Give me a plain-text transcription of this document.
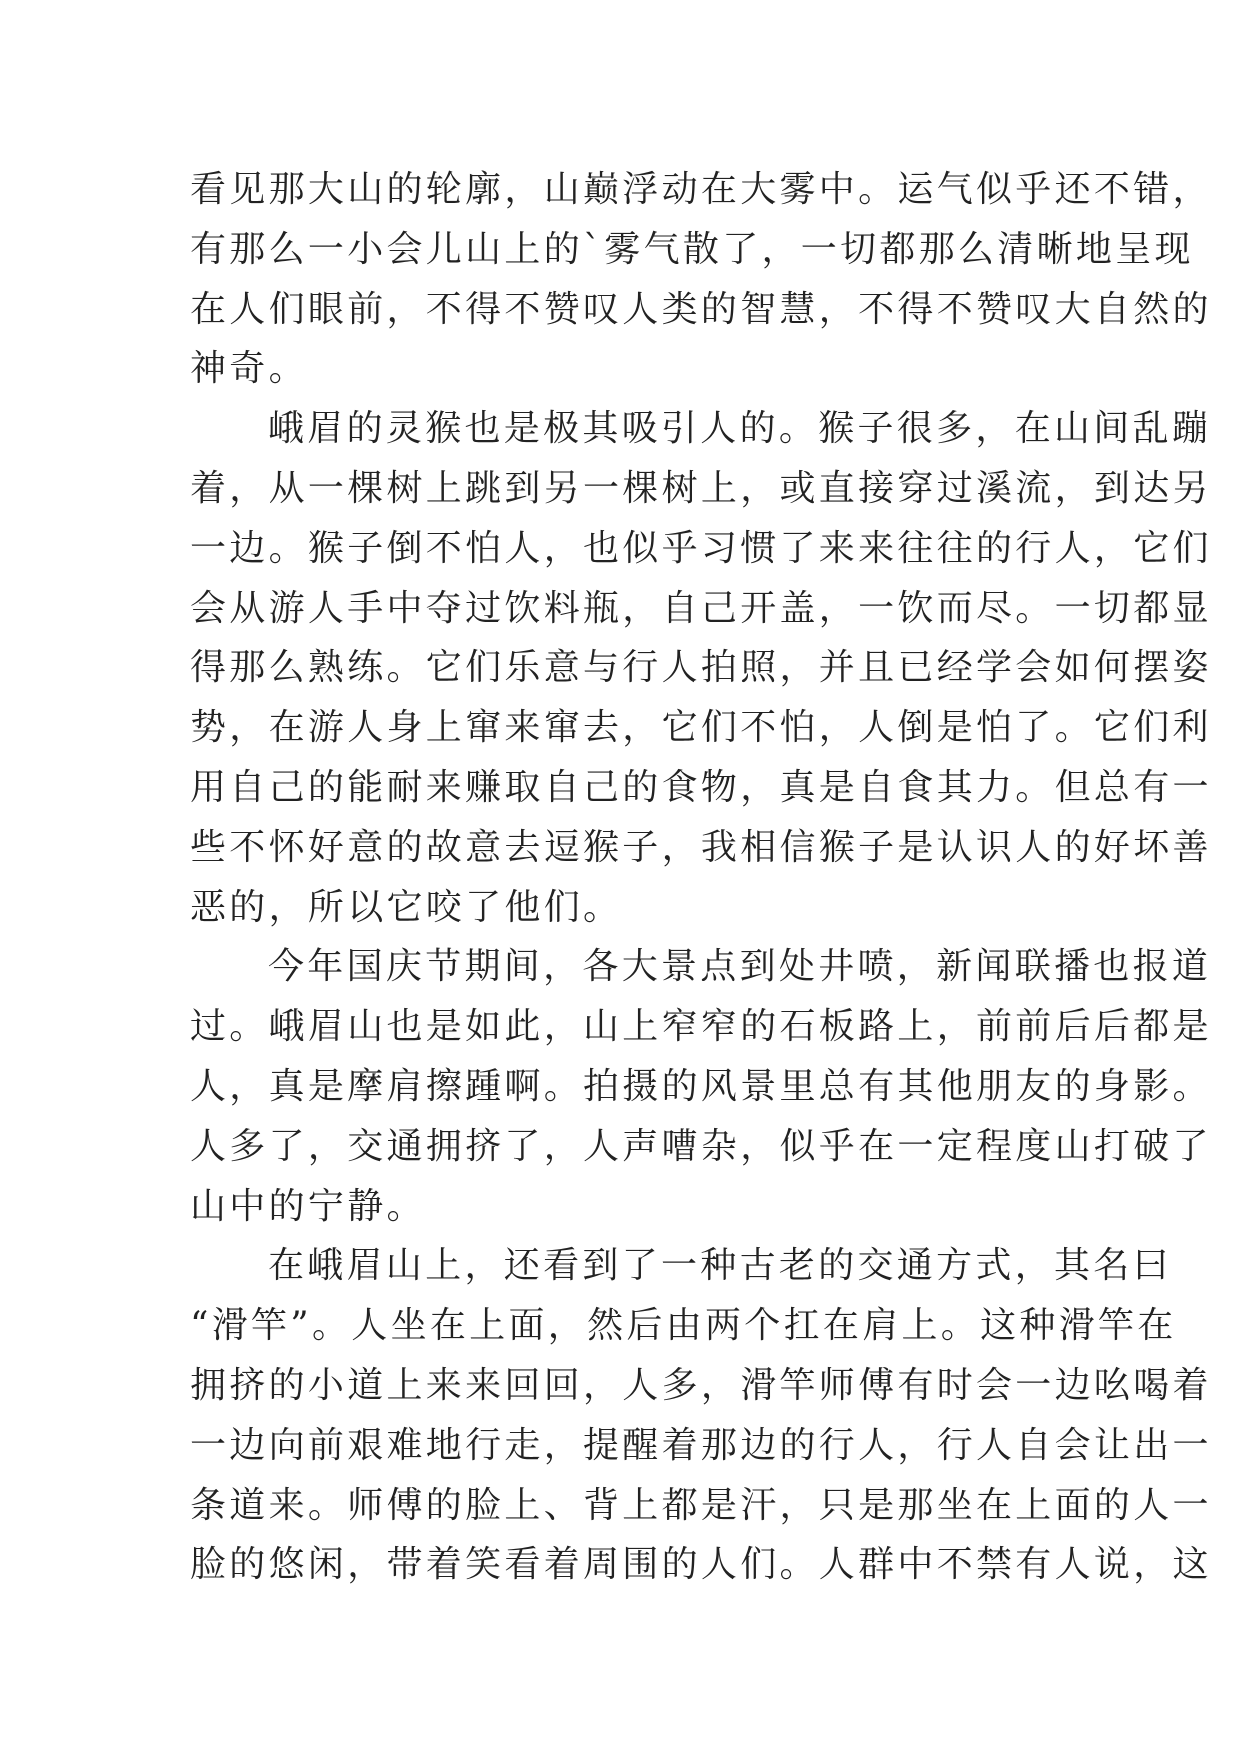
看见那大山的轮廓，山巅浮动在大雾中。运气似乎还不错，
有那么一小会儿山上的`雾气散了，一切都那么清晰地呈现
在人们眼前，不得不赞叹人类的智慧，不得不赞叹大自然的
神奇。
峨眉的灵猴也是极其吸引人的。猴子很多，在山间乱蹦
着，从一棵树上跳到另一棵树上，或直接穿过溪流，到达另
一边。猴子倒不怕人，也似乎习惯了来来往往的行人，它们
会从游人手中夺过饮料瓶，自己开盖，一饮而尽。一切都显
得那么熟练。它们乐意与行人拍照，并且已经学会如何摆姿
势，在游人身上窜来窜去，它们不怕，人倒是怕了。它们利
用自己的能耐来赚取自己的食物，真是自食其力。但总有一
些不怀好意的故意去逗猴子，我相信猴子是认识人的好坏善
恶的，所以它咬了他们。
今年国庆节期间，各大景点到处井喷，新闻联播也报道
过。峨眉山也是如此，山上窄窄的石板路上，前前后后都是
人，真是摩肩擦踵啊。拍摄的风景里总有其他朋友的身影。
人多了，交通拥挤了，人声嘈杂，似乎在一定程度山打破了
山中的宁静。
在峨眉山上，还看到了一种古老的交通方式，其名曰
“滑竿”。人坐在上面，然后由两个扛在肩上。这种滑竿在
拥挤的小道上来来回回，人多，滑竿师傅有时会一边吆喝着
一边向前艰难地行走，提醒着那边的行人，行人自会让出一
条道来。师傅的脸上、背上都是汗，只是那坐在上面的人一
脸的悠闲，带着笑看着周围的人们。人群中不禁有人说，这
